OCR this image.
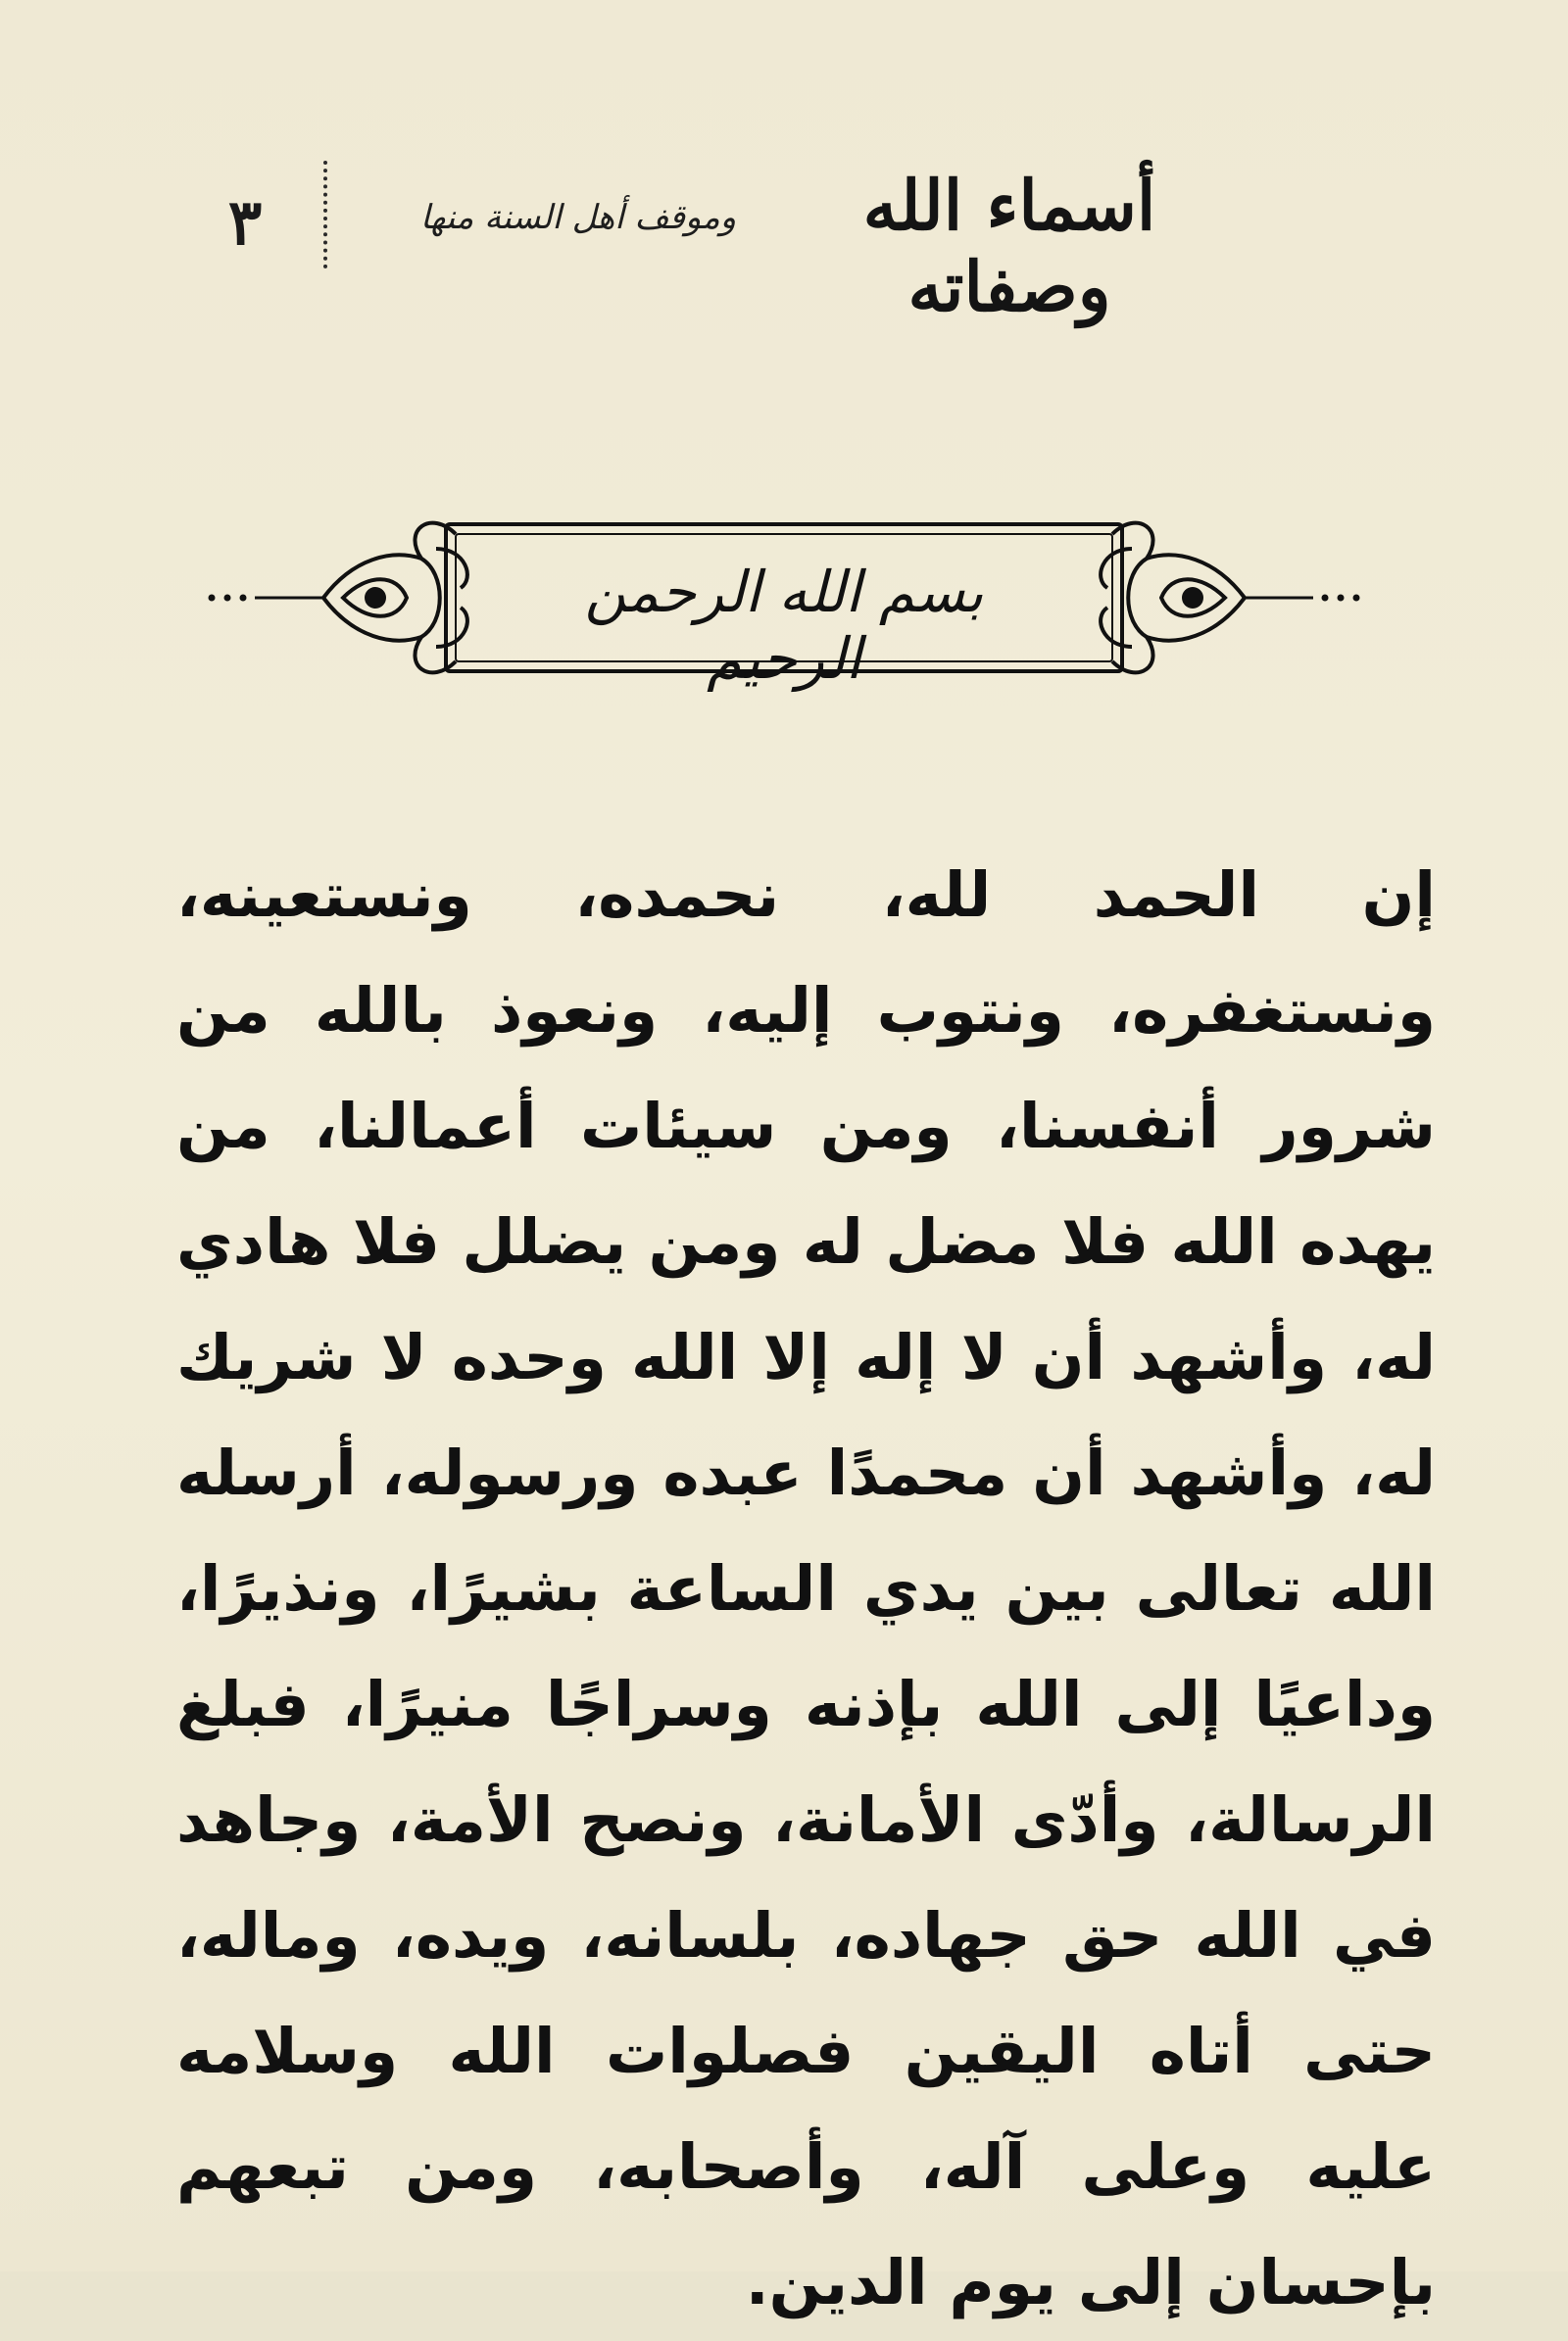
٣	وموقف أهل السنة منها	أسماء الله وصفاته
بسم الله الرحمن الرحيم
إن الحمد لله، نحمده، ونستعينه، ونستغفره، ونتوب إليه، ونعوذ بالله من شرور أنفسنا، ومن سيئات أعمالنا، من يهده الله فلا مضل له ومن يضلل فلا هادي له، وأشهد أن لا إله إلا الله وحده لا شريك له، وأشهد أن محمدًا عبده ورسوله، أرسله الله تعالى بين يدي الساعة بشيرًا، ونذيرًا، وداعيًا إلى الله بإذنه وسراجًا منيرًا، فبلغ الرسالة، وأدّى الأمانة، ونصح الأمة، وجاهد في الله حق جهاده، بلسانه، ويده، وماله، حتى أتاه اليقين فصلوات الله وسلامه عليه وعلى آله، وأصحابه، ومن تبعهم بإحسان إلى يوم الدين.
